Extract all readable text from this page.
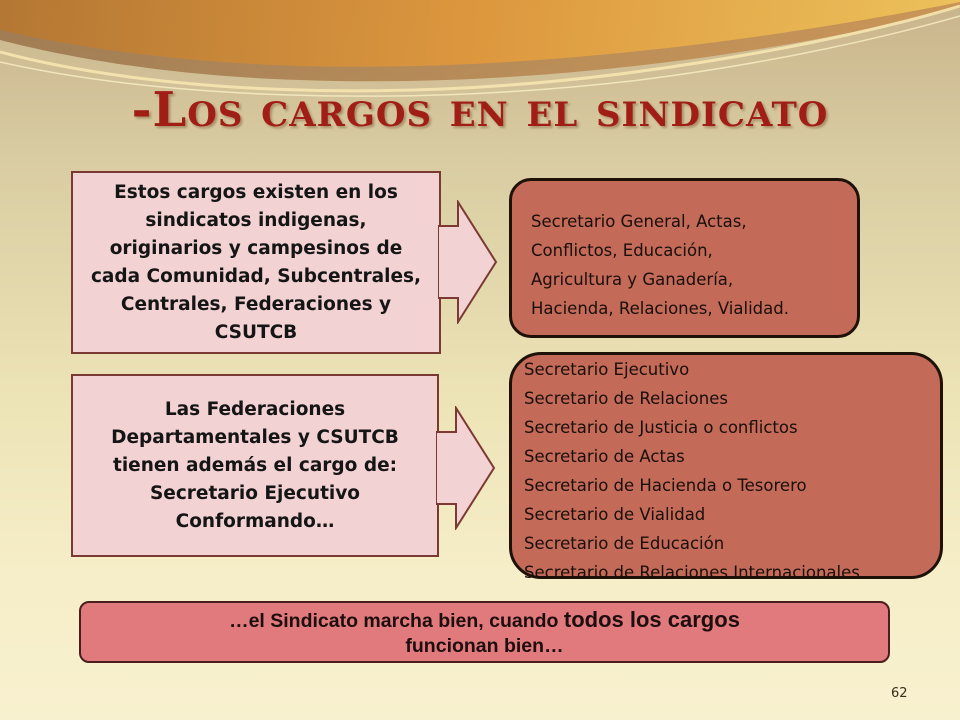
-Los cargos en el sindicato
Estos cargos existen en los
sindicatos indigenas,
originarios y campesinos de
cada Comunidad, Subcentrales,
Centrales, Federaciones y
CSUTCB
Las Federaciones
Departamentales y CSUTCB
tienen además el cargo de:
Secretario Ejecutivo
Conformando…
Secretario General, Actas,
Conflictos, Educación,
Agricultura y Ganadería,
Hacienda, Relaciones, Vialidad.
Secretario Ejecutivo
Secretario de Relaciones
Secretario de Justicia o conflictos
Secretario de Actas
Secretario de Hacienda o Tesorero
Secretario de Vialidad
Secretario de Educación
Secretario de Relaciones Internacionales
…el Sindicato marcha bien, cuando todos los cargos
funcionan bien…
62
